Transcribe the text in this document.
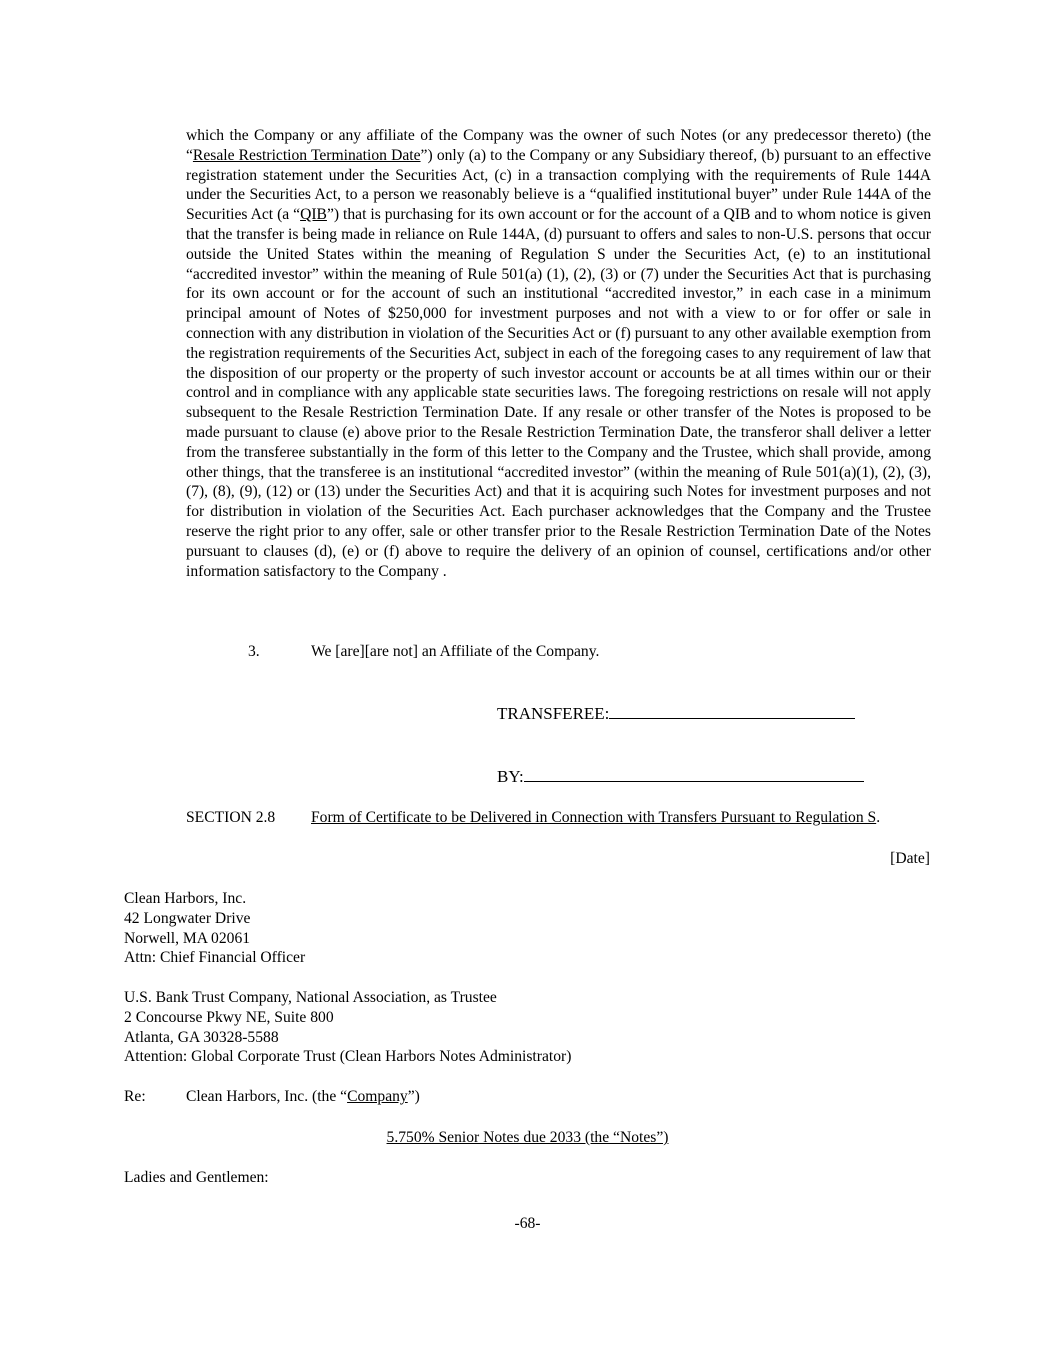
which the Company or any affiliate of the Company was the owner of such Notes (or any predecessor thereto) (the “Resale Restriction Termination Date”) only (a) to the Company or any Subsidiary thereof, (b) pursuant to an effective registration statement under the Securities Act, (c) in a transaction complying with the requirements of Rule 144A under the Securities Act, to a person we reasonably believe is a “qualified institutional buyer” under Rule 144A of the Securities Act (a “QIB”) that is purchasing for its own account or for the account of a QIB and to whom notice is given that the transfer is being made in reliance on Rule 144A, (d) pursuant to offers and sales to non-U.S. persons that occur outside the United States within the meaning of Regulation S under the Securities Act, (e) to an institutional “accredited investor” within the meaning of Rule 501(a) (1), (2), (3) or (7) under the Securities Act that is purchasing for its own account or for the account of such an institutional “accredited investor,” in each case in a minimum principal amount of Notes of $250,000 for investment purposes and not with a view to or for offer or sale in connection with any distribution in violation of the Securities Act or (f) pursuant to any other available exemption from the registration requirements of the Securities Act, subject in each of the foregoing cases to any requirement of law that the disposition of our property or the property of such investor account or accounts be at all times within our or their control and in compliance with any applicable state securities laws. The foregoing restrictions on resale will not apply subsequent to the Resale Restriction Termination Date. If any resale or other transfer of the Notes is proposed to be made pursuant to clause (e) above prior to the Resale Restriction Termination Date, the transferor shall deliver a letter from the transferee substantially in the form of this letter to the Company and the Trustee, which shall provide, among other things, that the transferee is an institutional “accredited investor” (within the meaning of Rule 501(a)(1), (2), (3), (7), (8), (9), (12) or (13) under the Securities Act) and that it is acquiring such Notes for investment purposes and not for distribution in violation of the Securities Act. Each purchaser acknowledges that the Company and the Trustee reserve the right prior to any offer, sale or other transfer prior to the Resale Restriction Termination Date of the Notes pursuant to clauses (d), (e) or (f) above to require the delivery of an opinion of counsel, certifications and/or other information satisfactory to the Company .

3.	We [are][are not] an Affiliate of the Company.
TRANSFEREE:
BY:
SECTION 2.8 Form of Certificate to be Delivered in Connection with Transfers Pursuant to Regulation S.
[Date]
Clean Harbors, Inc.
42 Longwater Drive
Norwell, MA 02061
Attn: Chief Financial Officer
U.S. Bank Trust Company, National Association, as Trustee
2 Concourse Pkwy NE, Suite 800
Atlanta, GA 30328-5588
Attention: Global Corporate Trust (Clean Harbors Notes Administrator)
Re:	Clean Harbors, Inc. (the “Company”)
5.750% Senior Notes due 2033 (the “Notes”)
Ladies and Gentlemen:
-68-
